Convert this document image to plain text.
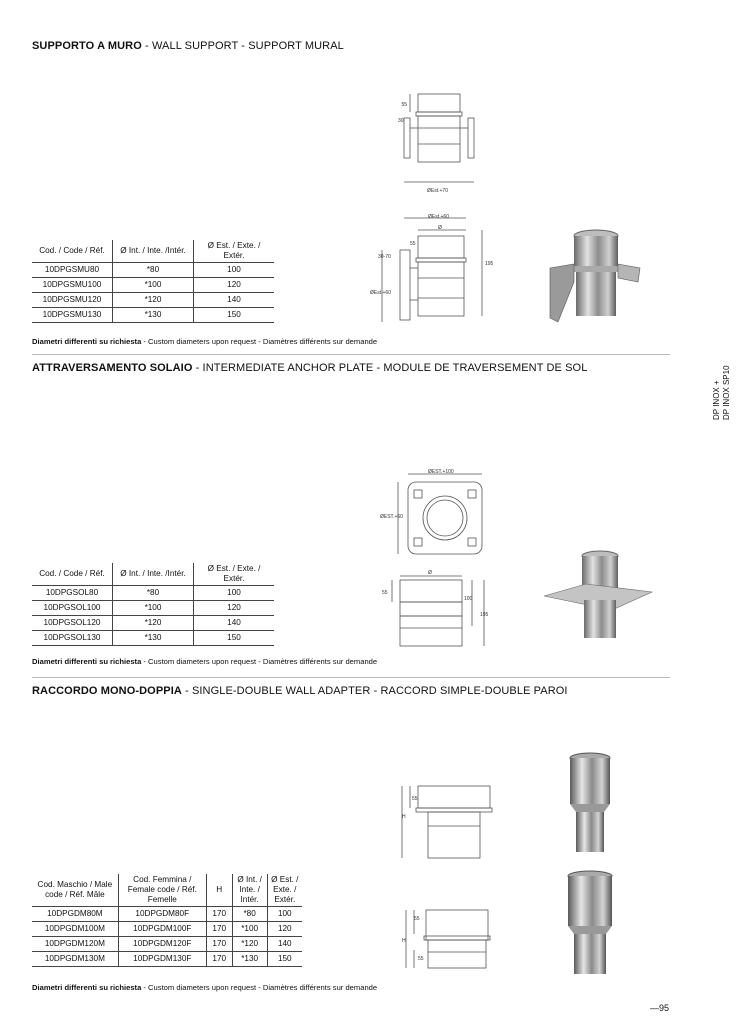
SUPPORTO A MURO - WALL SUPPORT - SUPPORT MURAL
55
30
ØEst.+70
ØEst.+60
Ø
55
30-70
195
ØEst.+60
Cod. / Code / Réf.	Ø Int. / Inte. /Intér.	Ø Est. / Exte. / Extér.
10DPGSMU80	*80	100
10DPGSMU100	*100	120
10DPGSMU120	*120	140
10DPGSMU130	*130	150
Diametri differenti su richiesta - Custom diameters upon request - Diamètres différents sur demande
ATTRAVERSAMENTO SOLAIO - INTERMEDIATE ANCHOR PLATE - MODULE DE TRAVERSEMENT DE SOL
DP INOX + DP INOX SP10
ØEST.+100
ØEST.+60
Ø
55
100
195
Cod. / Code / Réf.	Ø Int. / Inte. /Intér.	Ø Est. / Exte. / Extér.
10DPGSOL80	*80	100
10DPGSOL100	*100	120
10DPGSOL120	*120	140
10DPGSOL130	*130	150
Diametri differenti su richiesta - Custom diameters upon request - Diamètres différents sur demande
RACCORDO MONO-DOPPIA - SINGLE-DOUBLE WALL ADAPTER - RACCORD SIMPLE-DOUBLE PAROI
55
H
55
H
55
Cod. Maschio / Male code / Réf. Mâle	Cod. Femmina / Female code / Réf. Femelle	H	Ø Int. / Inte. / Intér.	Ø Est. / Exte. / Extér.
10DPGDM80M	10DPGDM80F	170	*80	100
10DPGDM100M	10DPGDM100F	170	*100	120
10DPGDM120M	10DPGDM120F	170	*120	140
10DPGDM130M	10DPGDM130F	170	*130	150
Diametri differenti su richiesta - Custom diameters upon request - Diamètres différents sur demande
—95
